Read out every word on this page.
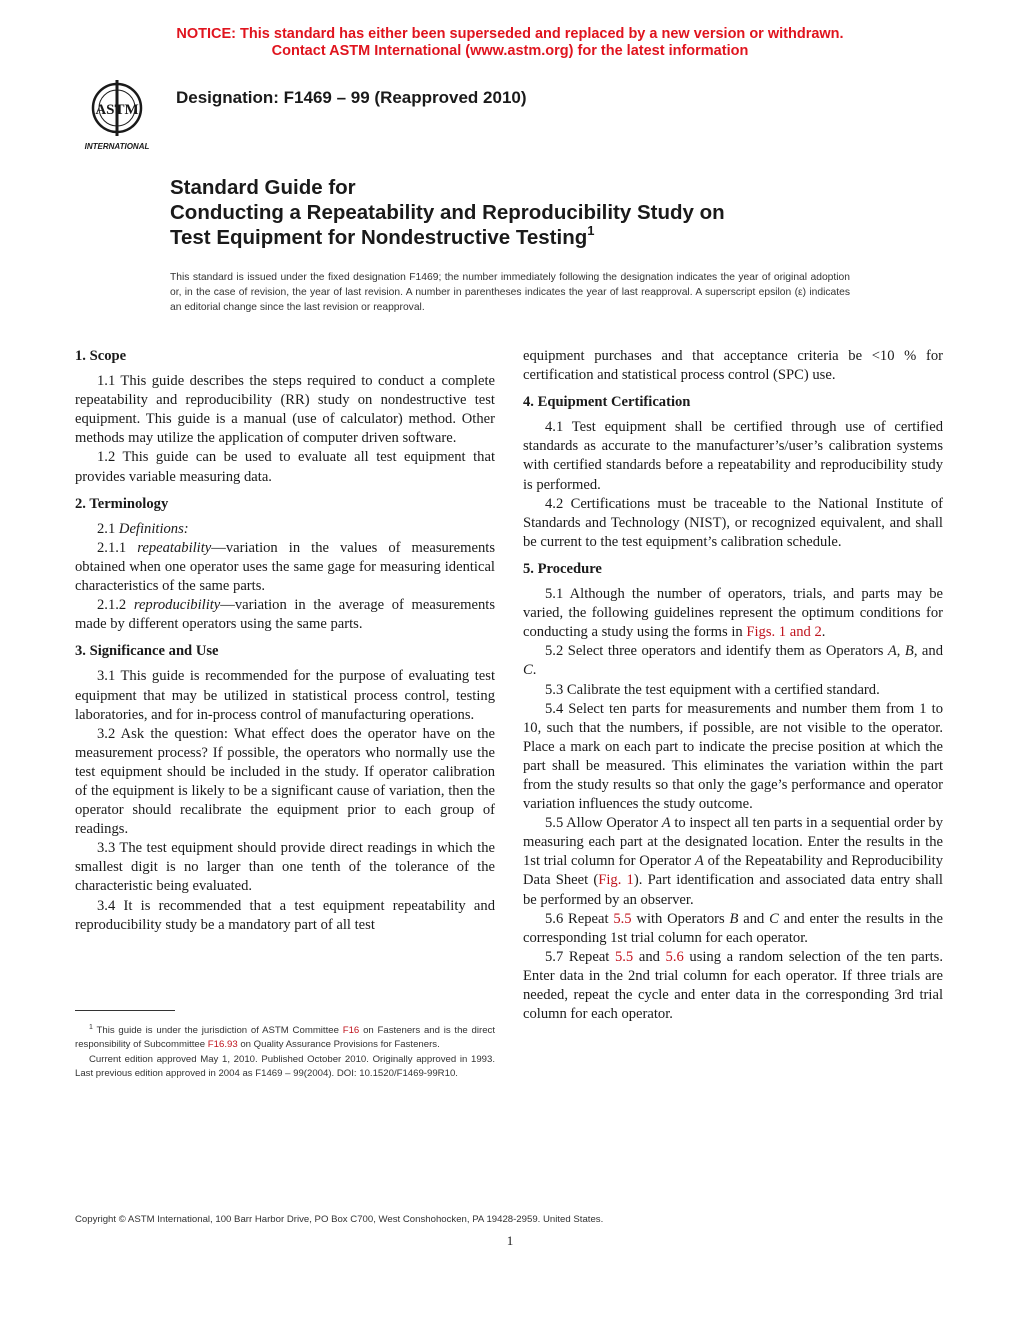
NOTICE: This standard has either been superseded and replaced by a new version or withdrawn.
Contact ASTM International (www.astm.org) for the latest information
ASTM
INTERNATIONAL
Designation: F1469 – 99 (Reapproved 2010)
Standard Guide for
Conducting a Repeatability and Reproducibility Study on
Test Equipment for Nondestructive Testing$^1$
This standard is issued under the fixed designation F1469; the number immediately following the designation indicates the year of original adoption or, in the case of revision, the year of last revision. A number in parentheses indicates the year of last reapproval. A superscript epsilon (ε) indicates an editorial change since the last revision or reapproval.
1. Scope

1.1 This guide describes the steps required to conduct a complete repeatability and reproducibility (RR) study on nondestructive test equipment. This guide is a manual (use of calculator) method. Other methods may utilize the application of computer driven software.

1.2 This guide can be used to evaluate all test equipment that provides variable measuring data.

2. Terminology

2.1 Definitions:

2.1.1 repeatability—variation in the values of measurements obtained when one operator uses the same gage for measuring identical characteristics of the same parts.

2.1.2 reproducibility—variation in the average of measurements made by different operators using the same parts.

3. Significance and Use

3.1 This guide is recommended for the purpose of evaluating test equipment that may be utilized in statistical process control, testing laboratories, and for in-process control of manufacturing operations.

3.2 Ask the question: What effect does the operator have on the measurement process? If possible, the operators who normally use the test equipment should be included in the study. If operator calibration of the equipment is likely to be a significant cause of variation, then the operator should recalibrate the equipment prior to each group of readings.

3.3 The test equipment should provide direct readings in which the smallest digit is no larger than one tenth of the tolerance of the characteristic being evaluated.

3.4 It is recommended that a test equipment repeatability and reproducibility study be a mandatory part of all test

equipment purchases and that acceptance criteria be <10 % for certification and statistical process control (SPC) use.

4. Equipment Certification

4.1 Test equipment shall be certified through use of certified standards as accurate to the manufacturer’s/user’s calibration systems with certified standards before a repeatability and reproducibility study is performed.

4.2 Certifications must be traceable to the National Institute of Standards and Technology (NIST), or recognized equivalent, and shall be current to the test equipment’s calibration schedule.

5. Procedure

5.1 Although the number of operators, trials, and parts may be varied, the following guidelines represent the optimum conditions for conducting a study using the forms in Figs. 1 and 2.

5.2 Select three operators and identify them as Operators A, B, and C.

5.3 Calibrate the test equipment with a certified standard.

5.4 Select ten parts for measurements and number them from 1 to 10, such that the numbers, if possible, are not visible to the operator. Place a mark on each part to indicate the precise position at which the part shall be measured. This eliminates the variation within the part from the study results so that only the gage’s performance and operator variation influences the study outcome.

5.5 Allow Operator A to inspect all ten parts in a sequential order by measuring each part at the designated location. Enter the results in the 1st trial column for Operator A of the Repeatability and Reproducibility Data Sheet (Fig. 1). Part identification and associated data entry shall be performed by an observer.

5.6 Repeat 5.5 with Operators B and C and enter the results in the corresponding 1st trial column for each operator.

5.7 Repeat 5.5 and 5.6 using a random selection of the ten parts. Enter data in the 2nd trial column for each operator. If three trials are needed, repeat the cycle and enter data in the corresponding 3rd trial column for each operator.

$^1$ This guide is under the jurisdiction of ASTM Committee F16 on Fasteners and is the direct responsibility of Subcommittee F16.93 on Quality Assurance Provisions for Fasteners.

Current edition approved May 1, 2010. Published October 2010. Originally approved in 1993. Last previous edition approved in 2004 as F1469 – 99(2004). DOI: 10.1520/F1469-99R10.

Copyright © ASTM International, 100 Barr Harbor Drive, PO Box C700, West Conshohocken, PA 19428-2959. United States.
1
